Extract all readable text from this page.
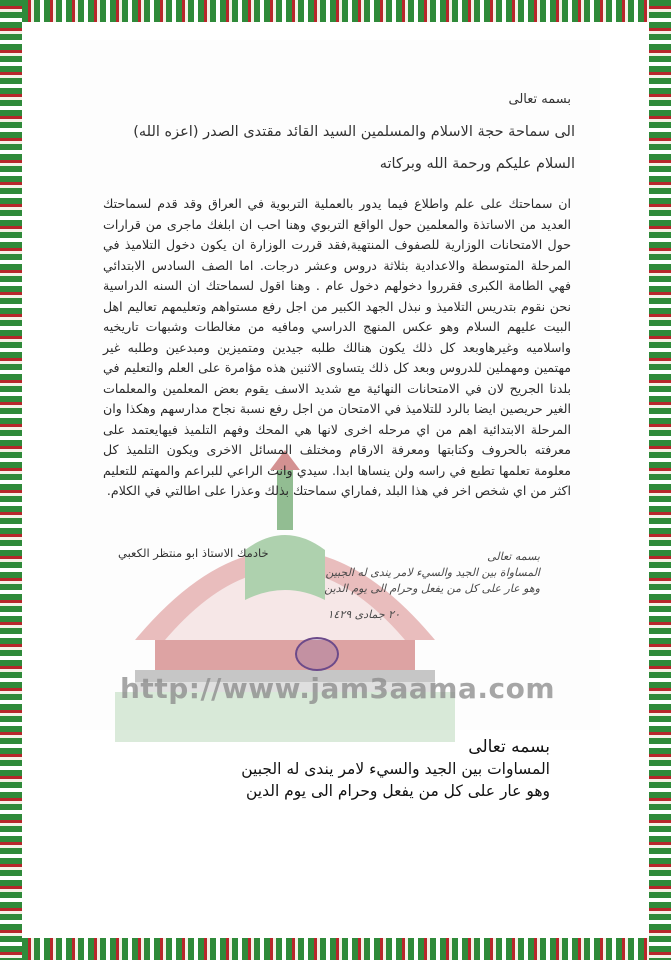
http://www.jam3aama.com
بسمه تعالى
الى سماحة حجة الاسلام والمسلمين السيد القائد مقتدى الصدر (اعزه الله)
السلام عليكم ورحمة الله وبركاته
ان سماحتك على علم واطلاع فيما يدور بالعملية التربوية في العراق وقد قدم لسماحتك العديد من الاساتذة والمعلمين حول الواقع التربوي وهنا احب ان ابلغك ماجرى من قرارات حول الامتحانات الوزارية للصفوف المنتهية,فقد قررت الوزارة ان يكون دخول التلاميذ في المرحلة المتوسطة والاعدادية بثلاثة دروس وعشر درجات. اما الصف السادس الابتدائي فهي الطامة الكبرى فقرروا دخولهم دخول عام . وهنا اقول لسماحتك ان السنه الدراسية نحن نقوم بتدريس التلاميذ و نبذل الجهد الكبير من اجل رفع مستواهم وتعليمهم تعاليم اهل البيت عليهم السلام وهو عكس المنهج الدراسي ومافيه من مغالطات وشبهات تاريخيه واسلاميه وغيرهاوبعد كل ذلك يكون هنالك طلبه جيدين ومتميزين ومبدعين وطلبه غير مهتمين ومهملين للدروس وبعد كل ذلك يتساوى الاثنين هذه مؤامرة على العلم والتعليم في بلدنا الجريح لان في الامتحانات النهائية مع شديد الاسف يقوم بعض المعلمين والمعلمات الغير حريصين ايضا بالرد للتلاميذ في الامتحان من اجل رفع نسبة نجاح مدارسهم وهكذا وان المرحلة الابتدائية اهم من اي مرحله اخرى لانها هي المحك وفهم التلميذ فيهايعتمد على معرفته بالحروف وكتابتها ومعرفة الارقام ومختلف المسائل الاخرى ويكون التلميذ كل معلومة تعلمها تطبع في راسه ولن ينساها ابدا. سيدي وانت الراعي للبراعم والمهتم للتعليم اكثر من اي شخص اخر في هذا البلد ,فماراي سماحتك بذلك وعذرا على اطالتي في الكلام.
خادمك الاستاذ ابو منتظر الكعبي	بسمه تعالى
المساواة بين الجيد والسيء لامر يندى له الجبين
وهو عار على كل من يفعل وحرام الى يوم الدين
٢٠ جمادى ١٤٢٩
بسمه تعالى
المساوات بين الجيد والسيء لامر يندى له الجبين
وهو عار على كل من يفعل وحرام الى يوم الدين
